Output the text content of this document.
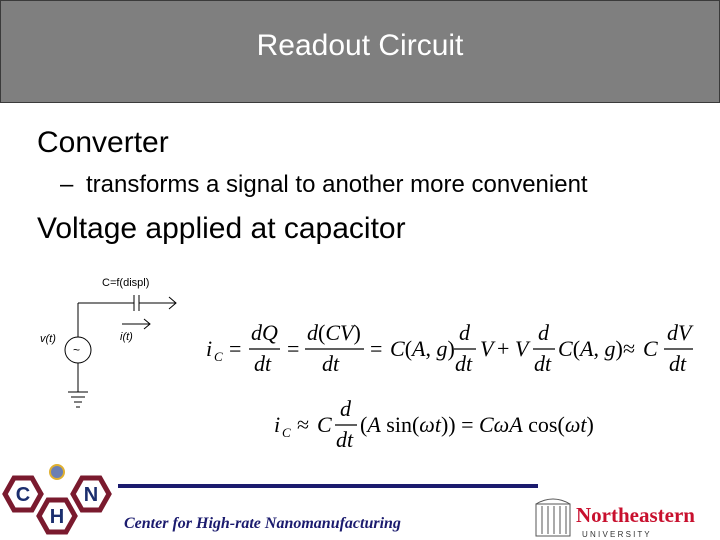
Readout Circuit
Converter
– transforms a signal to another more convenient
Voltage applied at capacitor
C=f(displ)
i(t)
v(t)
~	i C =
dQ
dt
=
d(CV)
dt
= C(A, g)
d
dt
V + V
d
dt
C(A, g) ≈ C
dV
dt
i C ≈ C
d
dt
(A sin(ωt)) = CωA cos(ωt)
C	N
H	Center for High-rate Nanomanufacturing	Northeastern
U N I V E R S I T Y
